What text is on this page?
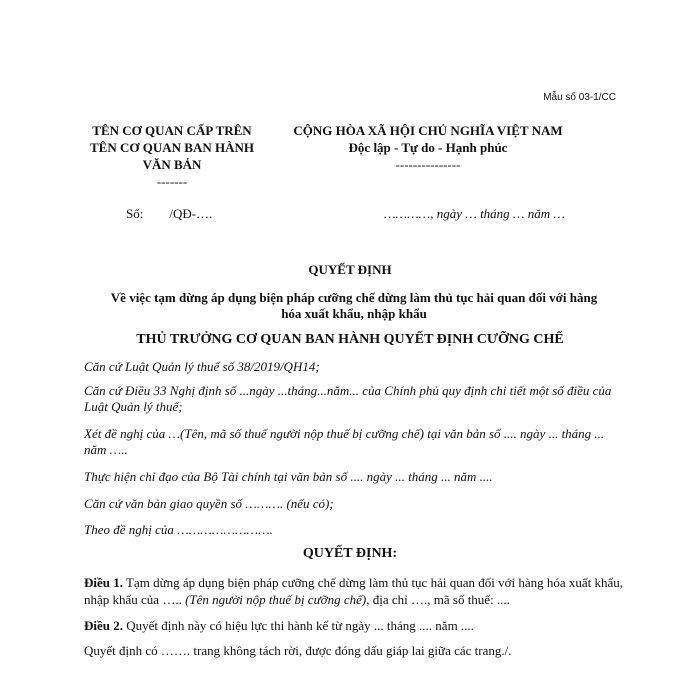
Mẫu số 03-1/CC
TÊN CƠ QUAN CẤP TRÊN
TÊN CƠ QUAN BAN HÀNH
VĂN BẢN
-------
CỘNG HÒA XÃ HỘI CHỦ NGHĨA VIỆT NAM
Độc lập - Tự do - Hạnh phúc
---------------
Số:        /QĐ-….	…………, ngày … tháng … năm …
QUYẾT ĐỊNH
Về việc tạm dừng áp dụng biện pháp cưỡng chế dừng làm thủ tục hải quan đối với hàng
hóa xuất khẩu, nhập khẩu
THỦ TRƯỞNG CƠ QUAN BAN HÀNH QUYẾT ĐỊNH CƯỠNG CHẾ
Căn cứ Luật Quản lý thuế số 38/2019/QH14;
Căn cứ Điều 33 Nghị định số ...ngày ...tháng...năm... của Chính phủ quy định chi tiết một số điều của Luật Quản lý thuế;
Xét đề nghị của …(Tên, mã số thuế người nộp thuế bị cưỡng chế) tại văn bản số .... ngày ... tháng ... năm …..
Thực hiện chỉ đạo của Bộ Tài chính tại văn bản số .... ngày ... tháng ... năm ....
Căn cứ văn bản giao quyền số ………. (nếu có);
Theo đề nghị của …………………….
QUYẾT ĐỊNH:
Điều 1. Tạm dừng áp dụng biện pháp cưỡng chế dừng làm thủ tục hải quan đối với hàng hóa xuất khẩu, nhập khẩu của ….. (Tên người nộp thuế bị cưỡng chế), địa chỉ …., mã số thuế: ....
Điều 2. Quyết định này có hiệu lực thi hành kể từ ngày ... tháng .... năm ....
Quyết định có ……. trang không tách rời, được đóng dấu giáp lai giữa các trang./.
